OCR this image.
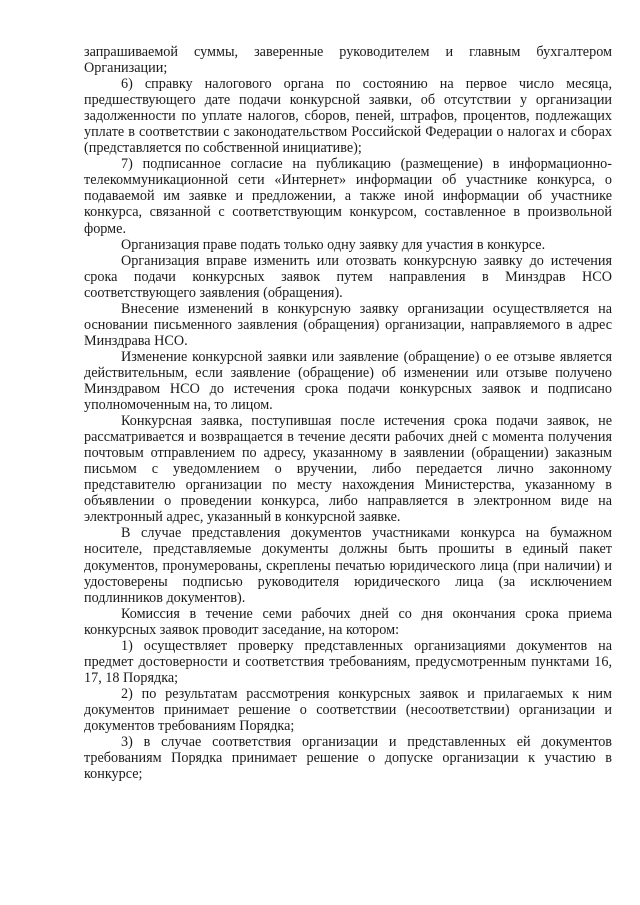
запрашиваемой суммы, заверенные руководителем и главным бухгалтером Организации;

6) справку налогового органа по состоянию на первое число месяца, предшествующего дате подачи конкурсной заявки, об отсутствии у организации задолженности по уплате налогов, сборов, пеней, штрафов, процентов, подлежащих уплате в соответствии с законодательством Российской Федерации о налогах и сборах (представляется по собственной инициативе);

7) подписанное согласие на публикацию (размещение) в информационно-телекоммуникационной сети «Интернет» информации об участнике конкурса, о подаваемой им заявке и предложении, а также иной информации об участнике конкурса, связанной с соответствующим конкурсом, составленное в произвольной форме.

Организация праве подать только одну заявку для участия в конкурсе.

Организация вправе изменить или отозвать конкурсную заявку до истечения срока подачи конкурсных заявок путем направления в Минздрав НСО соответствующего заявления (обращения).

Внесение изменений в конкурсную заявку организации осуществляется на основании письменного заявления (обращения) организации, направляемого в адрес Минздрава НСО.

Изменение конкурсной заявки или заявление (обращение) о ее отзыве является действительным, если заявление (обращение) об изменении или отзыве получено Минздравом НСО до истечения срока подачи конкурсных заявок и подписано уполномоченным на, то лицом.

Конкурсная заявка, поступившая после истечения срока подачи заявок, не рассматривается и возвращается в течение десяти рабочих дней с момента получения почтовым отправлением по адресу, указанному в заявлении (обращении) заказным письмом с уведомлением о вручении, либо передается лично законному представителю организации по месту нахождения Министерства, указанному в объявлении о проведении конкурса, либо направляется в электронном виде на электронный адрес, указанный в конкурсной заявке.

В случае представления документов участниками конкурса на бумажном носителе, представляемые документы должны быть прошиты в единый пакет документов, пронумерованы, скреплены печатью юридического лица (при наличии) и удостоверены подписью руководителя юридического лица (за исключением подлинников документов).

Комиссия в течение семи рабочих дней со дня окончания срока приема конкурсных заявок проводит заседание, на котором:

1) осуществляет проверку представленных организациями документов на предмет достоверности и соответствия требованиям, предусмотренным пунктами 16, 17, 18 Порядка;

2) по результатам рассмотрения конкурсных заявок и прилагаемых к ним документов принимает решение о соответствии (несоответствии) организации и документов требованиям Порядка;

3) в случае соответствия организации и представленных ей документов требованиям Порядка принимает решение о допуске организации к участию в конкурсе;
